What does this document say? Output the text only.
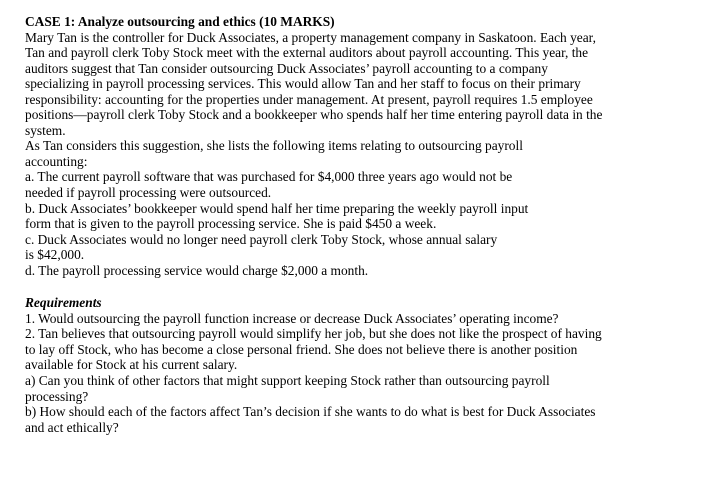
CASE 1: Analyze outsourcing and ethics (10 MARKS)
Mary Tan is the controller for Duck Associates, a property management company in Saskatoon. Each year,
Tan and payroll clerk Toby Stock meet with the external auditors about payroll accounting. This year, the
auditors suggest that Tan consider outsourcing Duck Associates’ payroll accounting to a company
specializing in payroll processing services. This would allow Tan and her staff to focus on their primary
responsibility: accounting for the properties under management. At present, payroll requires 1.5 employee
positions—payroll clerk Toby Stock and a bookkeeper who spends half her time entering payroll data in the
system.
As Tan considers this suggestion, she lists the following items relating to outsourcing payroll
accounting:
a. The current payroll software that was purchased for $4,000 three years ago would not be
needed if payroll processing were outsourced.
b. Duck Associates’ bookkeeper would spend half her time preparing the weekly payroll input
form that is given to the payroll processing service. She is paid $450 a week.
c. Duck Associates would no longer need payroll clerk Toby Stock, whose annual salary
is $42,000.
d. The payroll processing service would charge $2,000 a month.
Requirements
1. Would outsourcing the payroll function increase or decrease Duck Associates’ operating income?
2. Tan believes that outsourcing payroll would simplify her job, but she does not like the prospect of having
to lay off Stock, who has become a close personal friend. She does not believe there is another position
available for Stock at his current salary.
a) Can you think of other factors that might support keeping Stock rather than outsourcing payroll
processing?
b) How should each of the factors affect Tan’s decision if she wants to do what is best for Duck Associates
and act ethically?
